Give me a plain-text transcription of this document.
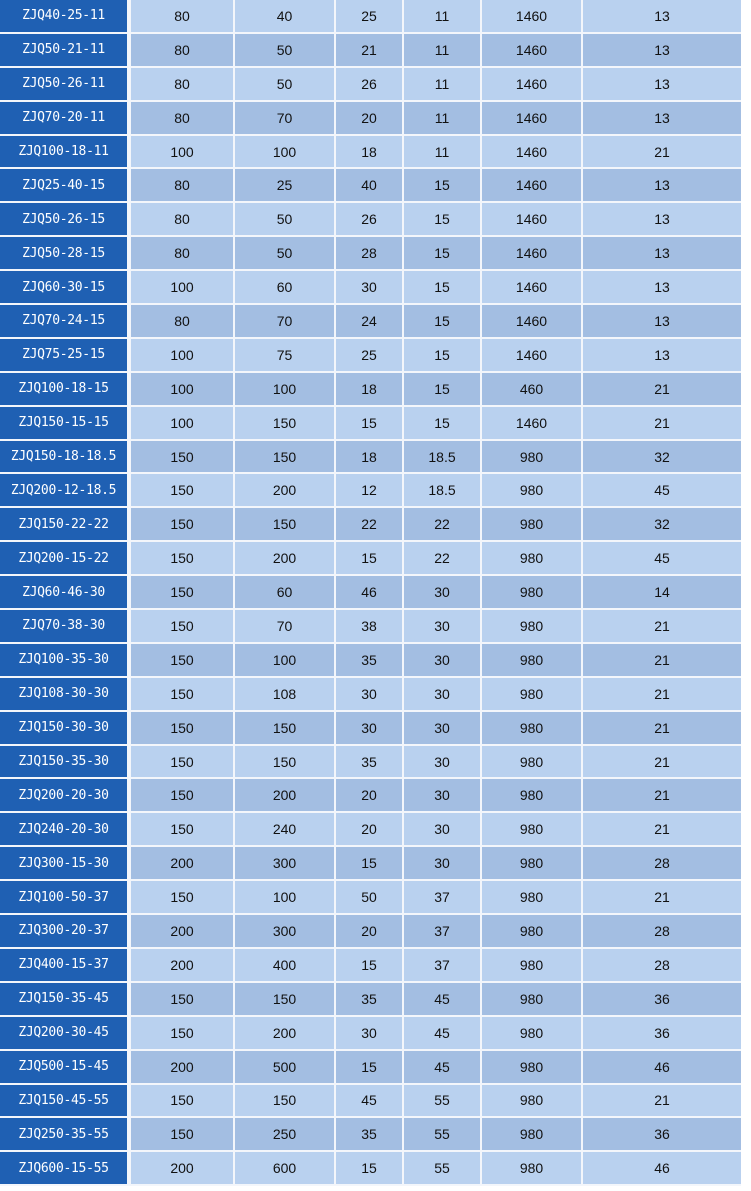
ZJQ40-25-11	80	40	25	11	1460	13
ZJQ50-21-11	80	50	21	11	1460	13
ZJQ50-26-11	80	50	26	11	1460	13
ZJQ70-20-11	80	70	20	11	1460	13
ZJQ100-18-11	100	100	18	11	1460	21
ZJQ25-40-15	80	25	40	15	1460	13
ZJQ50-26-15	80	50	26	15	1460	13
ZJQ50-28-15	80	50	28	15	1460	13
ZJQ60-30-15	100	60	30	15	1460	13
ZJQ70-24-15	80	70	24	15	1460	13
ZJQ75-25-15	100	75	25	15	1460	13
ZJQ100-18-15	100	100	18	15	460	21
ZJQ150-15-15	100	150	15	15	1460	21
ZJQ150-18-18.5	150	150	18	18.5	980	32
ZJQ200-12-18.5	150	200	12	18.5	980	45
ZJQ150-22-22	150	150	22	22	980	32
ZJQ200-15-22	150	200	15	22	980	45
ZJQ60-46-30	150	60	46	30	980	14
ZJQ70-38-30	150	70	38	30	980	21
ZJQ100-35-30	150	100	35	30	980	21
ZJQ108-30-30	150	108	30	30	980	21
ZJQ150-30-30	150	150	30	30	980	21
ZJQ150-35-30	150	150	35	30	980	21
ZJQ200-20-30	150	200	20	30	980	21
ZJQ240-20-30	150	240	20	30	980	21
ZJQ300-15-30	200	300	15	30	980	28
ZJQ100-50-37	150	100	50	37	980	21
ZJQ300-20-37	200	300	20	37	980	28
ZJQ400-15-37	200	400	15	37	980	28
ZJQ150-35-45	150	150	35	45	980	36
ZJQ200-30-45	150	200	30	45	980	36
ZJQ500-15-45	200	500	15	45	980	46
ZJQ150-45-55	150	150	45	55	980	21
ZJQ250-35-55	150	250	35	55	980	36
ZJQ600-15-55	200	600	15	55	980	46
